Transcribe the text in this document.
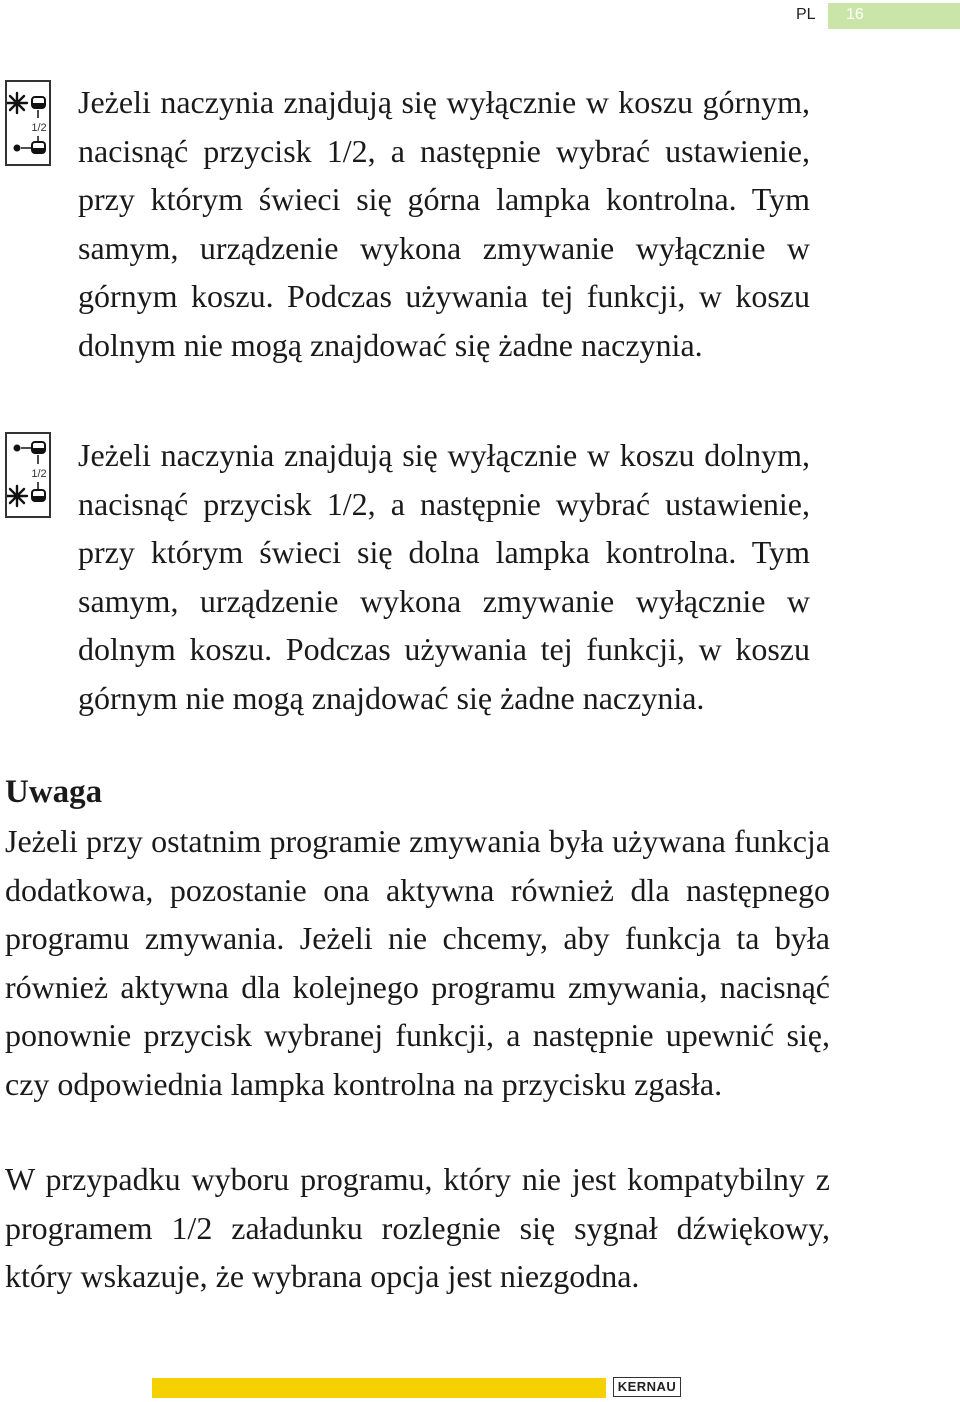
PL 16
1/2
Jeżeli naczynia znajdują się wyłącznie w koszu górnym, nacisnąć przycisk 1/2, a następnie wybrać ustawienie, przy którym świeci się górna lampka kontrolna. Tym samym, urządzenie wykona zmywanie wyłącznie w górnym koszu. Podczas używania tej funkcji, w koszu dolnym nie mogą znajdować się żadne naczynia.
1/2
Jeżeli naczynia znajdują się wyłącznie w koszu dolnym, nacisnąć przycisk 1/2, a następnie wybrać ustawienie, przy którym świeci się dolna lampka kontrolna. Tym samym, urządzenie wykona zmywanie wyłącznie w dolnym koszu. Podczas używania tej funkcji, w koszu górnym nie mogą znajdować się żadne naczynia.
Uwaga
Jeżeli przy ostatnim programie zmywania była używana funkcja dodatkowa, pozostanie ona aktywna również dla następnego programu zmywania. Jeżeli nie chcemy, aby funkcja ta była również aktywna dla kolejnego programu zmywania, nacisnąć ponownie przycisk wybranej funkcji, a następnie upewnić się, czy odpowiednia lampka kontrolna na przycisku zgasła.
W przypadku wyboru programu, który nie jest kompatybilny z programem 1/2 załadunku rozlegnie się sygnał dźwiękowy, który wskazuje, że wybrana opcja jest niezgodna.
KERNAU
